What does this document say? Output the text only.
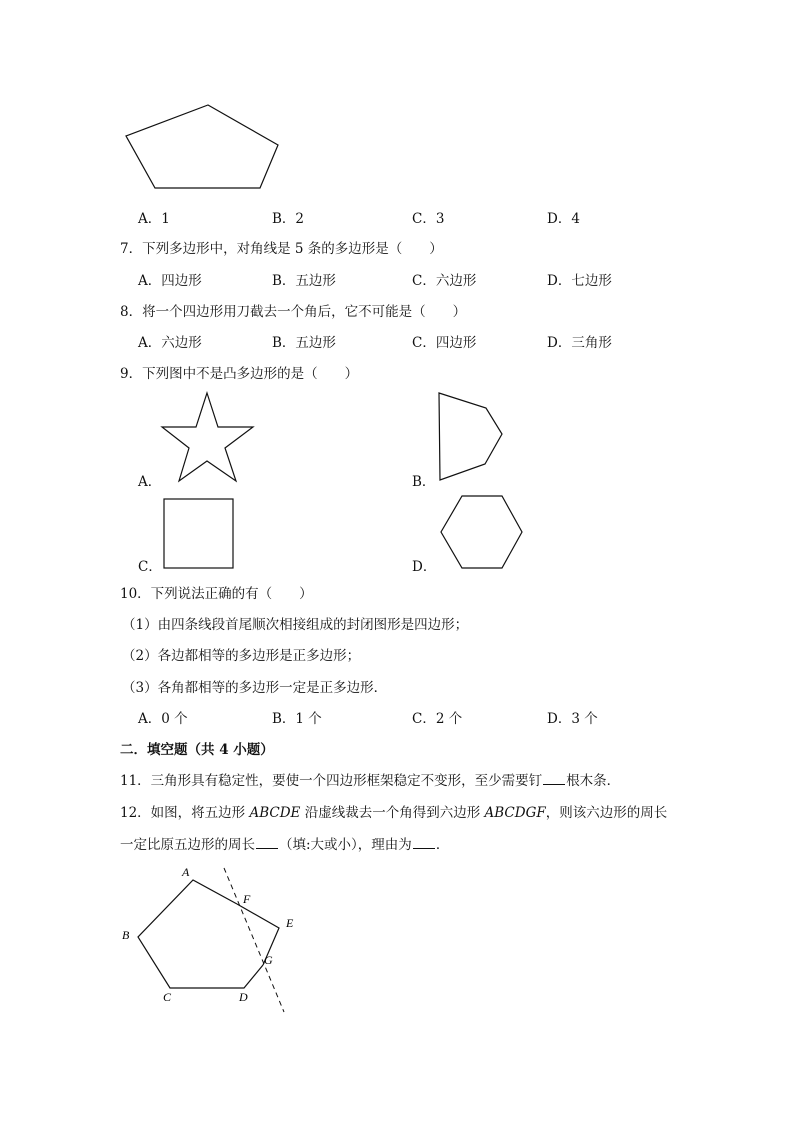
A．1	B．2	C．3	D．4
7．下列多边形中，对角线是 5 条的多边形是（　　）
A．四边形	B．五边形	C．六边形	D．七边形
8．将一个四边形用刀截去一个角后，它不可能是（　　）
A．六边形	B．五边形	C．四边形	D．三角形
9．下列图中不是凸多边形的是（　　）
A．	B．
C．	D．
10．下列说法正确的有（　　）
（1）由四条线段首尾顺次相接组成的封闭图形是四边形；
（2）各边都相等的多边形是正多边形；
（3）各角都相等的多边形一定是正多边形．
A．0 个	B．1 个	C．2 个	D．3 个
二．填空题（共 4 小题）
11．三角形具有稳定性，要使一个四边形框架稳定不变形，至少需要钉 根木条．
12．如图，将五边形 ABCDE 沿虚线裁去一个角得到六边形 ABCDGF，则该六边形的周长
一定比原五边形的周长 （填:大或小），理由为 ．
A
B
C	D
E
F
G
